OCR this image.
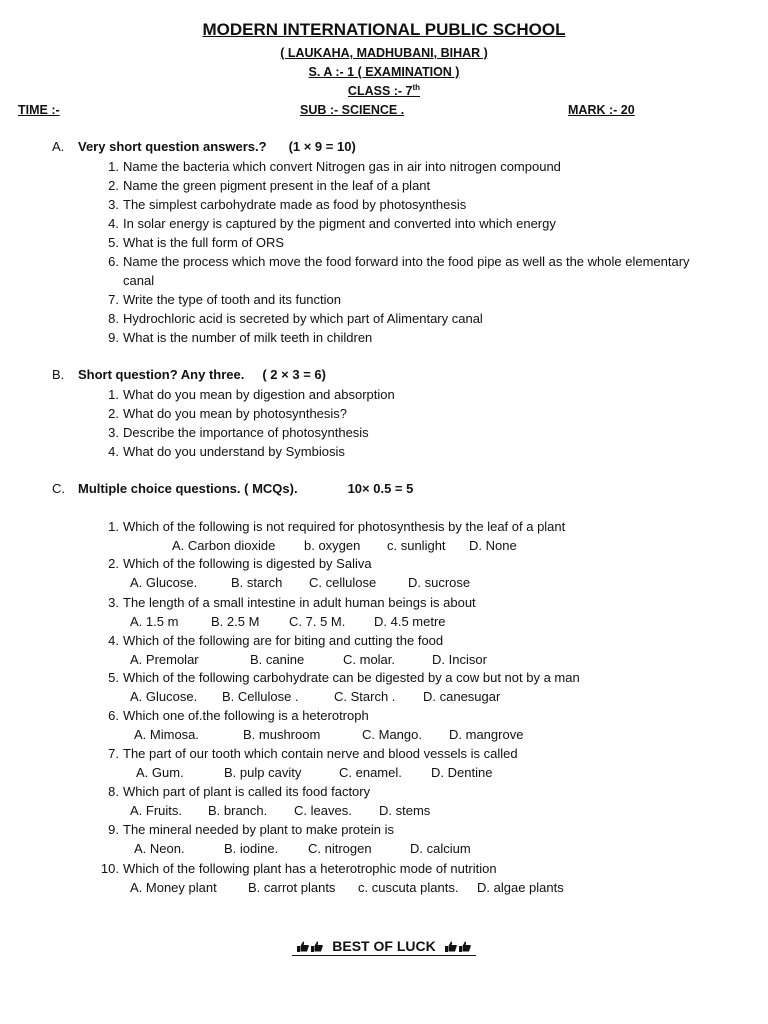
MODERN INTERNATIONAL PUBLIC SCHOOL
( LAUKAHA, MADHUBANI, BIHAR )
S. A :- 1 ( EXAMINATION )
CLASS :- 7th
TIME :-	SUB :- SCIENCE .	MARK :- 20
A. Very short question answers.? (1 × 9 = 10)
1. Name the bacteria which convert Nitrogen gas in air into nitrogen compound
2. Name the green pigment present in the leaf of a plant
3. The simplest carbohydrate made as food by photosynthesis
4. In solar energy is captured by the pigment and converted into which energy
5. What is the full form of ORS
6. Name the process which move the food forward into the food pipe as well as the whole elementary
7. Write the type of tooth and its function
8. Hydrochloric acid is secreted by which part of Alimentary canal
9. What is the number of milk teeth in children
canal
B. Short question? Any three. ( 2 × 3 = 6)
1. What do you mean by digestion and absorption
2. What do you mean by photosynthesis?
3. Describe the importance of photosynthesis
4. What do you understand by Symbiosis
C. Multiple choice questions. ( MCQs).	10× 0.5 = 5
1. Which of the following is not required for photosynthesis by the leaf of a plant
A. Carbon dioxide b. oxygen c. sunlight D. None
2. Which of the following is digested by Saliva
A. Glucose.	B. starch C. cellulose D. sucrose
3. The length of a small intestine in adult human beings is about
A. 1.5 m	B. 2.5 M C. 7. 5 M. D. 4.5 metre
4. Which of the following are for biting and cutting the food
A. Premolar	B. canine	C. molar.	D. Incisor
5. Which of the following carbohydrate can be digested by a cow but not by a man
A. Glucose. B. Cellulose .	C. Starch . D. canesugar
6. Which one of.the following is a heterotroph
A. Mimosa.	B. mushroom	C. Mango. D. mangrove
7. The part of our tooth which contain nerve and blood vessels is called
A. Gum.	B. pulp cavity	C. enamel. D. Dentine
8. Which part of plant is called its food factory
A. Fruits. B. branch. C. leaves. D. stems
9. The mineral needed by plant to make protein is
A. Neon.	B. iodine. C. nitrogen	D. calcium
10. Which of the following plant has a heterotrophic mode of nutrition
A. Money plant B. carrot plants c. cuscuta plants. D. algae plants
BEST OF LUCK
